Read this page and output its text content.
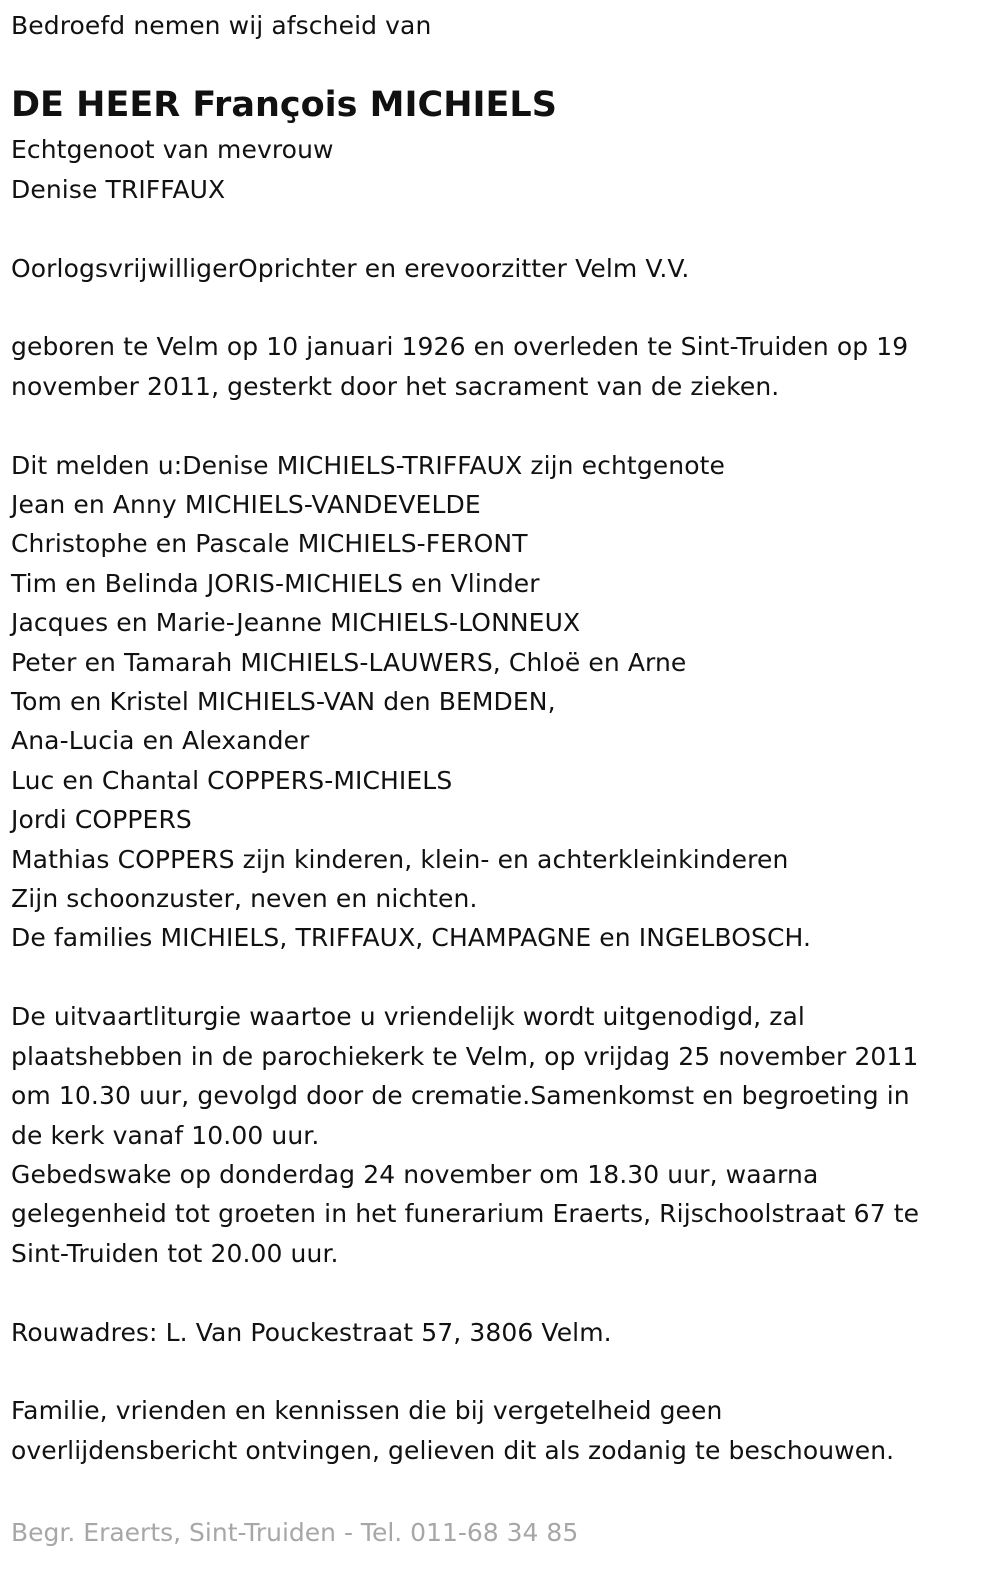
Bedroefd nemen wij afscheid van
DE HEER François MICHIELS
Echtgenoot van mevrouw
Denise TRIFFAUX
OorlogsvrijwilligerOprichter en erevoorzitter Velm V.V.
geboren te Velm op 10 januari 1926 en overleden te Sint-Truiden op 19
november 2011, gesterkt door het sacrament van de zieken.
Dit melden u:Denise MICHIELS-TRIFFAUX zijn echtgenote
Jean en Anny MICHIELS-VANDEVELDE
Christophe en Pascale MICHIELS-FERONT
Tim en Belinda JORIS-MICHIELS en Vlinder
Jacques en Marie-Jeanne MICHIELS-LONNEUX
Peter en Tamarah MICHIELS-LAUWERS, Chloë en Arne
Tom en Kristel MICHIELS-VAN den BEMDEN,
Ana-Lucia en Alexander
Luc en Chantal COPPERS-MICHIELS
Jordi COPPERS
Mathias COPPERS zijn kinderen, klein- en achterkleinkinderen
Zijn schoonzuster, neven en nichten.
De families MICHIELS, TRIFFAUX, CHAMPAGNE en INGELBOSCH.
De uitvaartliturgie waartoe u vriendelijk wordt uitgenodigd, zal
plaatshebben in de parochiekerk te Velm, op vrijdag 25 november 2011
om 10.30 uur, gevolgd door de crematie.Samenkomst en begroeting in
de kerk vanaf 10.00 uur.
Gebedswake op donderdag 24 november om 18.30 uur, waarna
gelegenheid tot groeten in het funerarium Eraerts, Rijschoolstraat 67 te
Sint-Truiden tot 20.00 uur.
Rouwadres: L. Van Pouckestraat 57, 3806 Velm.
Familie, vrienden en kennissen die bij vergetelheid geen
overlijdensbericht ontvingen, gelieven dit als zodanig te beschouwen.
Begr. Eraerts, Sint-Truiden - Tel. 011-68 34 85
